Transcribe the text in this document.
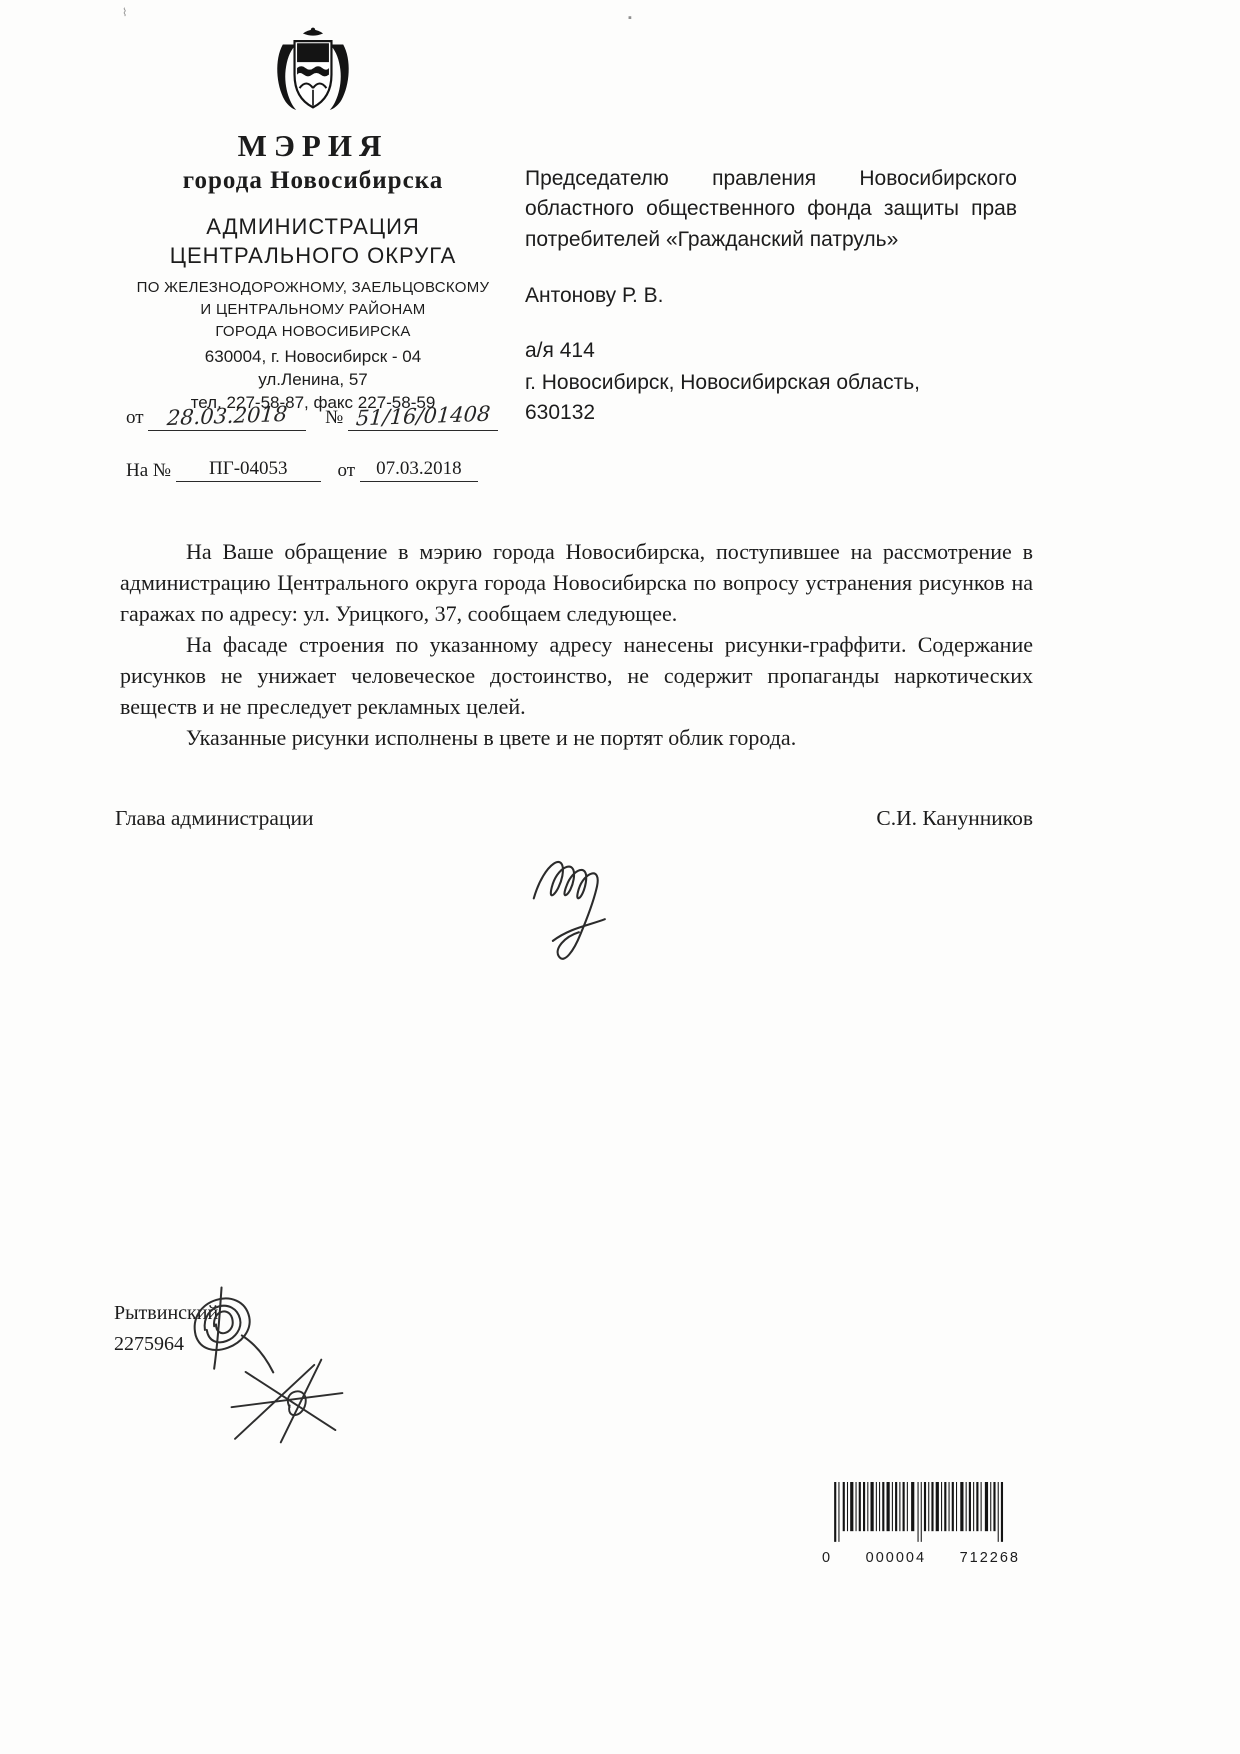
⌇	▪
МЭРИЯ
города Новосибирска
АДМИНИСТРАЦИЯ
ЦЕНТРАЛЬНОГО ОКРУГА
ПО ЖЕЛЕЗНОДОРОЖНОМУ, ЗАЕЛЬЦОВСКОМУ
И ЦЕНТРАЛЬНОМУ РАЙОНАМ
ГОРОДА НОВОСИБИРСКА
630004, г. Новосибирск - 04
ул.Ленина, 57
тел. 227-58-87, факс 227-58-59
от 28.03.2018 № 51/16/01408
На № ПГ-04053	от 07.03.2018
Председателю правления Новосибирского областного общественного фонда защиты прав потребителей «Гражданский патруль»
Антонову Р. В.
а/я 414
г. Новосибирск, Новосибирская область, 630132

На Ваше обращение в мэрию города Новосибирска, поступившее на рассмотрение в администрацию Центрального округа города Новосибирска по вопросу устранения рисунков на гаражах по адресу: ул. Урицкого, 37, сообщаем следующее.

На фасаде строения по указанному адресу нанесены рисунки-граффити. Содержание рисунков не унижает человеческое достоинство, не содержит пропаганды наркотических веществ и не преследует рекламных целей.

Указанные рисунки исполнены в цвете и не портят облик города.

Глава администрации	С.И. Канунников
Рытвинский
2275964
0 000004 712268
